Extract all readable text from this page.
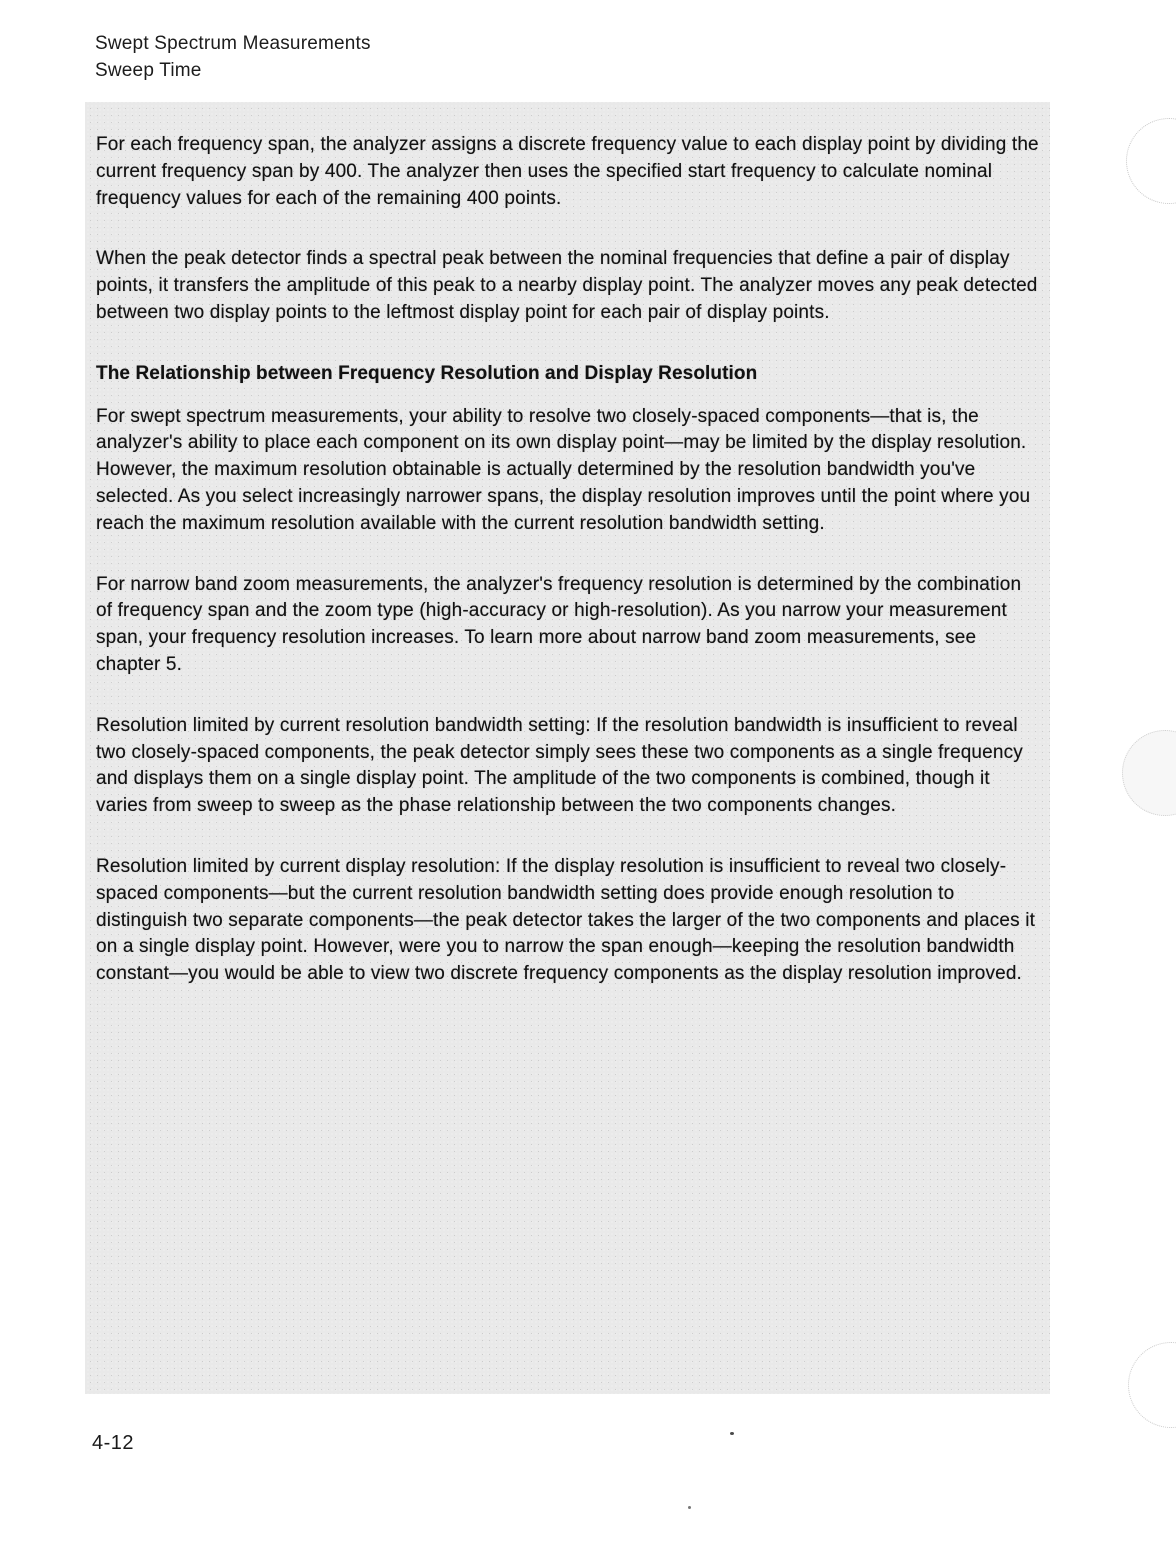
Swept Spectrum Measurements
Sweep Time

For each frequency span, the analyzer assigns a discrete frequency value to each display point by dividing the current frequency span by 400. The analyzer then uses the specified start frequency to calculate nominal frequency values for each of the remaining 400 points.

When the peak detector finds a spectral peak between the nominal frequencies that define a pair of display points, it transfers the amplitude of this peak to a nearby display point. The analyzer moves any peak detected between two display points to the leftmost display point for each pair of display points.

The Relationship between Frequency Resolution and Display Resolution

For swept spectrum measurements, your ability to resolve two closely-spaced components—that is, the analyzer's ability to place each component on its own display point—may be limited by the display resolution. However, the maximum resolution obtainable is actually determined by the resolution bandwidth you've selected. As you select increasingly narrower spans, the display resolution improves until the point where you reach the maximum resolution available with the current resolution bandwidth setting.

For narrow band zoom measurements, the analyzer's frequency resolution is determined by the combination of frequency span and the zoom type (high-accuracy or high-resolution). As you narrow your measurement span, your frequency resolution increases. To learn more about narrow band zoom measurements, see chapter 5.

Resolution limited by current resolution bandwidth setting: If the resolution bandwidth is insufficient to reveal two closely-spaced components, the peak detector simply sees these two components as a single frequency and displays them on a single display point. The amplitude of the two components is combined, though it varies from sweep to sweep as the phase relationship between the two components changes.

Resolution limited by current display resolution: If the display resolution is insufficient to reveal two closely-spaced components—but the current resolution bandwidth setting does provide enough resolution to distinguish two separate components—the peak detector takes the larger of the two components and places it on a single display point. However, were you to narrow the span enough—keeping the resolution bandwidth constant—you would be able to view two discrete frequency components as the display resolution improved.

4-12
